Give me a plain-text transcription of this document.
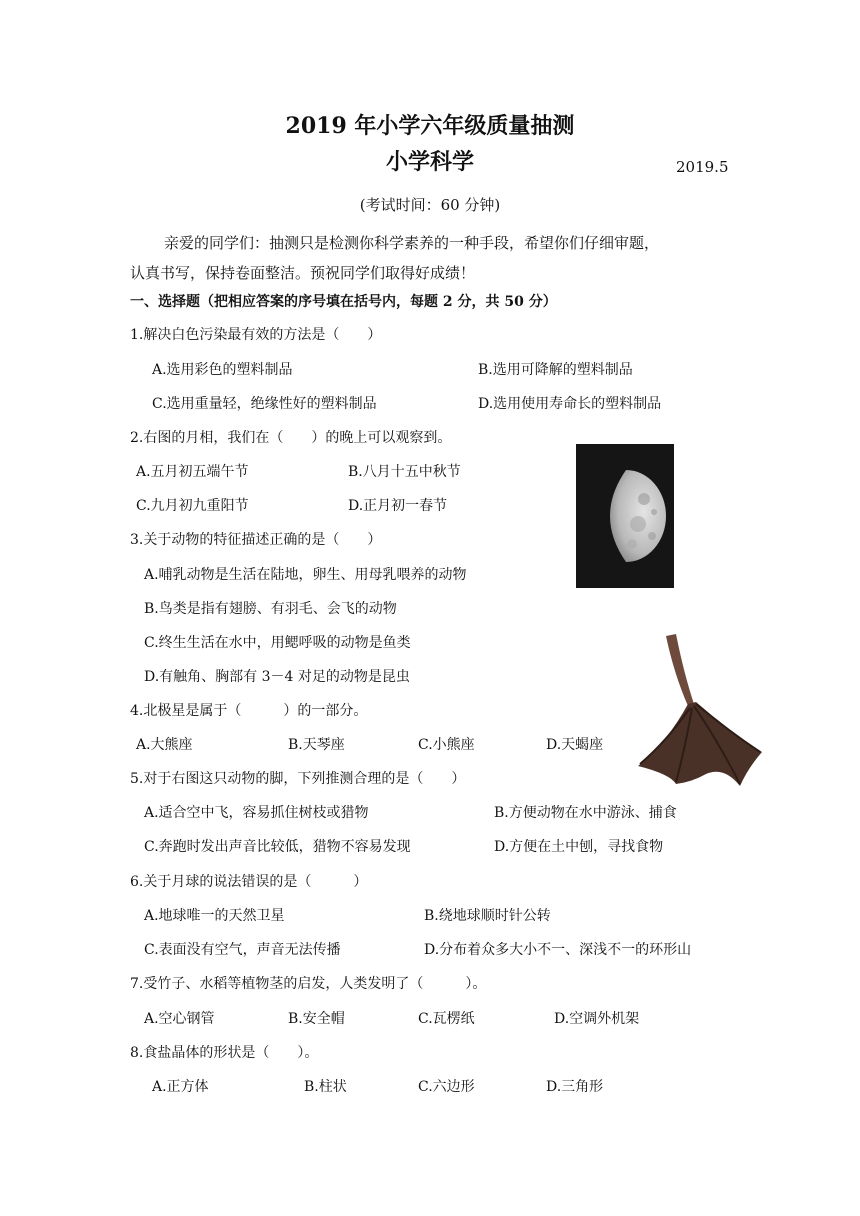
2019 年小学六年级质量抽测
小学科学	2019.5
(考试时间：60 分钟)
亲爱的同学们：抽测只是检测你科学素养的一种手段，希望你们仔细审题，
认真书写，保持卷面整洁。预祝同学们取得好成绩！
一、选择题（把相应答案的序号填在括号内，每题 2 分，共 50 分）
1.解决白色污染最有效的方法是（　　）
A.选用彩色的塑料制品	B.选用可降解的塑料制品
C.选用重量轻，绝缘性好的塑料制品	D.选用使用寿命长的塑料制品
2.右图的月相，我们在（　　）的晚上可以观察到。
A.五月初五端午节	B.八月十五中秋节
C.九月初九重阳节	D.正月初一春节
3.关于动物的特征描述正确的是（　　）
A.哺乳动物是生活在陆地，卵生、用母乳喂养的动物
B.鸟类是指有翅膀、有羽毛、会飞的动物
C.终生生活在水中，用鳃呼吸的动物是鱼类
D.有触角、胸部有 3－4 对足的动物是昆虫
4.北极星是属于（　　　）的一部分。
A.大熊座	B.天琴座	C.小熊座	D.天蝎座
5.对于右图这只动物的脚，下列推测合理的是（　　）
A.适合空中飞，容易抓住树枝或猎物	B.方便动物在水中游泳、捕食
C.奔跑时发出声音比较低，猎物不容易发现	D.方便在土中刨，寻找食物
6.关于月球的说法错误的是（　　　）
A.地球唯一的天然卫星	B.绕地球顺时针公转
C.表面没有空气，声音无法传播	D.分布着众多大小不一、深浅不一的环形山
7.受竹子、水稻等植物茎的启发，人类发明了（　　　）。
A.空心钢管	B.安全帽	C.瓦楞纸	D.空调外机架
8.食盐晶体的形状是（　　）。
A.正方体	B.柱状	C.六边形	D.三角形
